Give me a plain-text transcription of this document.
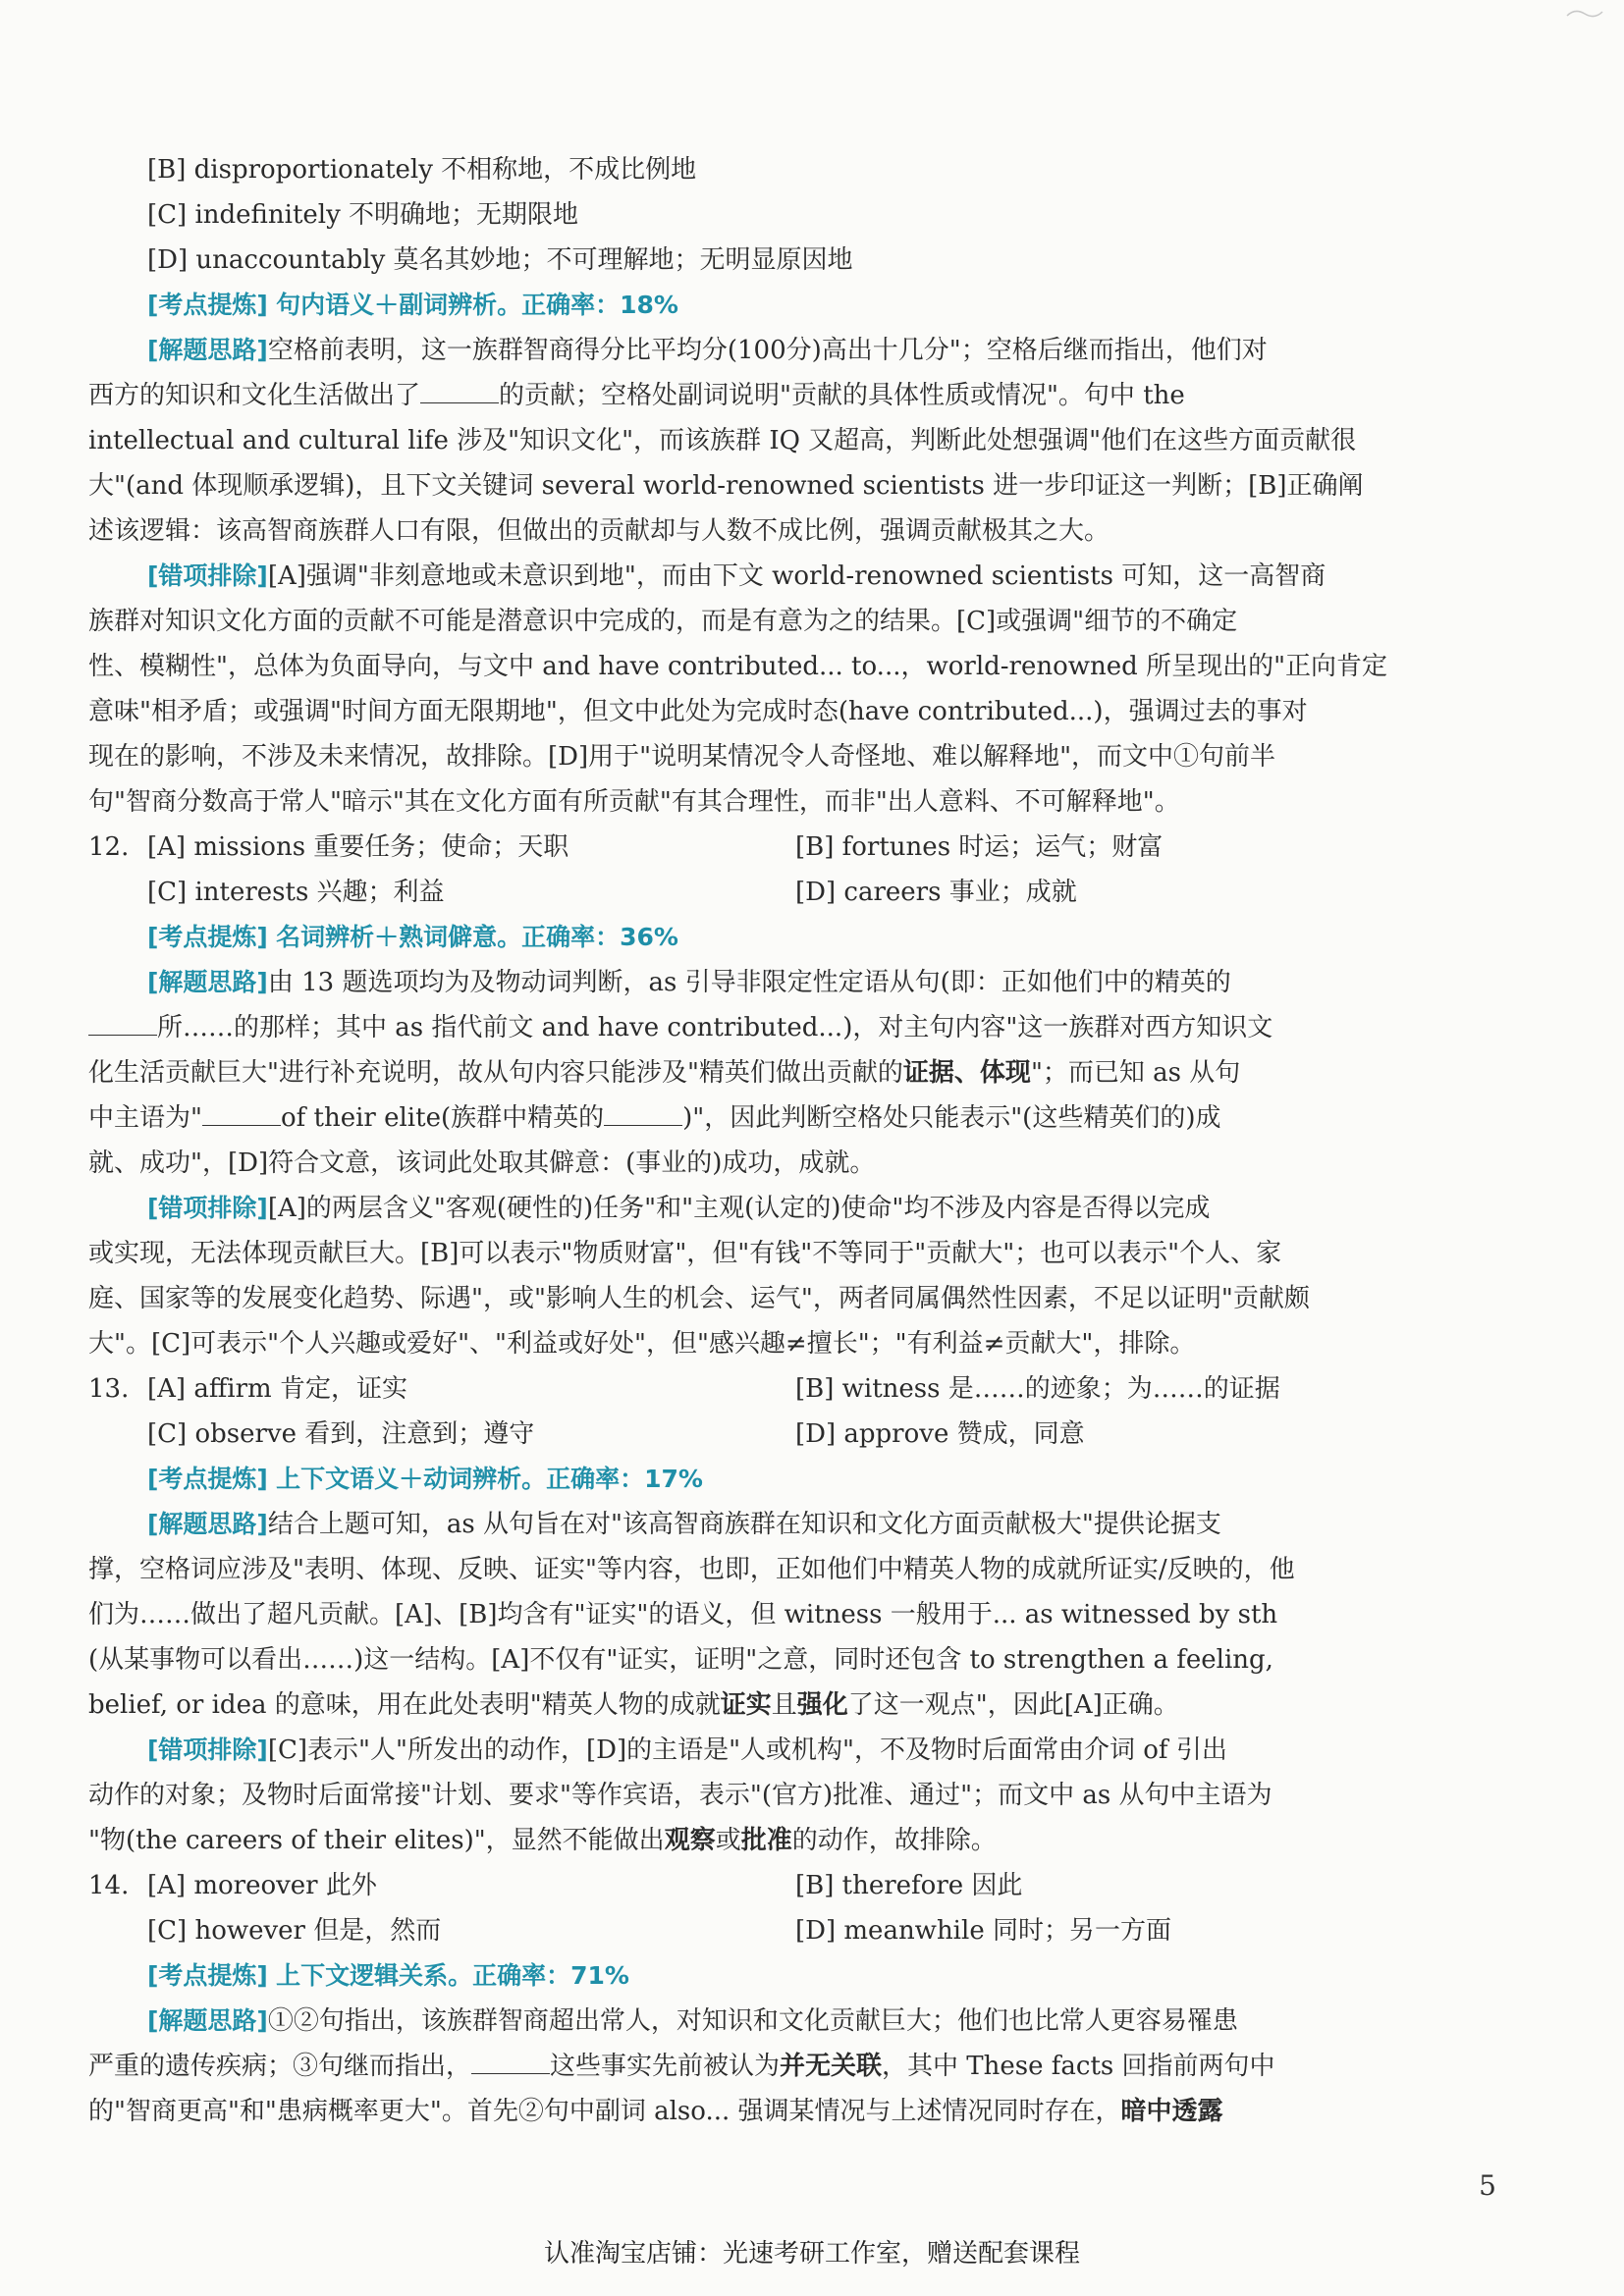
[B] disproportionately 不相称地，不成比例地

[C] indefinitely 不明确地；无期限地

[D] unaccountably 莫名其妙地；不可理解地；无明显原因地

[考点提炼] 句内语义＋副词辨析。正确率：18%

[解题思路]空格前表明，这一族群智商得分比平均分(100分)高出十几分"；空格后继而指出，他们对
西方的知识和文化生活做出了	的贡献；空格处副词说明"贡献的具体性质或情况"。句中 the
intellectual and cultural life 涉及"知识文化"，而该族群 IQ 又超高，判断此处想强调"他们在这些方面贡献很
大"(and 体现顺承逻辑)，且下文关键词 several world-renowned scientists 进一步印证这一判断；[B]正确阐
述该逻辑：该高智商族群人口有限，但做出的贡献却与人数不成比例，强调贡献极其之大。
[错项排除][A]强调"非刻意地或未意识到地"，而由下文 world-renowned scientists 可知，这一高智商
族群对知识文化方面的贡献不可能是潜意识中完成的，而是有意为之的结果。[C]或强调"细节的不确定
性、模糊性"，总体为负面导向，与文中 and have contributed... to...，world-renowned 所呈现出的"正向肯定
意味"相矛盾；或强调"时间方面无限期地"，但文中此处为完成时态(have contributed...)，强调过去的事对
现在的影响，不涉及未来情况，故排除。[D]用于"说明某情况令人奇怪地、难以解释地"，而文中①句前半
句"智商分数高于常人"暗示"其在文化方面有所贡献"有其合理性，而非"出人意料、不可解释地"。
12. [A] missions 重要任务；使命；天职	[B] fortunes 时运；运气；财富
[C] interests 兴趣；利益	[D] careers 事业；成就

[考点提炼] 名词辨析＋熟词僻意。正确率：36%

[解题思路]由 13 题选项均为及物动词判断，as 引导非限定性定语从句(即：正如他们中的精英的
所……的那样；其中 as 指代前文 and have contributed...)，对主句内容"这一族群对西方知识文
化生活贡献巨大"进行补充说明，故从句内容只能涉及"精英们做出贡献的证据、体现"；而已知 as 从句
中主语为"	of their elite(族群中精英的	)"，因此判断空格处只能表示"(这些精英们的)成
就、成功"，[D]符合文意，该词此处取其僻意：(事业的)成功，成就。
[错项排除][A]的两层含义"客观(硬性的)任务"和"主观(认定的)使命"均不涉及内容是否得以完成
或实现，无法体现贡献巨大。[B]可以表示"物质财富"，但"有钱"不等同于"贡献大"；也可以表示"个人、家
庭、国家等的发展变化趋势、际遇"，或"影响人生的机会、运气"，两者同属偶然性因素，不足以证明"贡献颇
大"。[C]可表示"个人兴趣或爱好"、"利益或好处"，但"感兴趣≠擅长"；"有利益≠贡献大"，排除。
13. [A] affirm 肯定，证实	[B] witness 是……的迹象；为……的证据
[C] observe 看到，注意到；遵守	[D] approve 赞成，同意

[考点提炼] 上下文语义＋动词辨析。正确率：17%

[解题思路]结合上题可知，as 从句旨在对"该高智商族群在知识和文化方面贡献极大"提供论据支
撑，空格词应涉及"表明、体现、反映、证实"等内容，也即，正如他们中精英人物的成就所证实/反映的，他
们为……做出了超凡贡献。[A]、[B]均含有"证实"的语义，但 witness 一般用于... as witnessed by sth
(从某事物可以看出……)这一结构。[A]不仅有"证实，证明"之意，同时还包含 to strengthen a feeling,
belief, or idea 的意味，用在此处表明"精英人物的成就证实且强化了这一观点"，因此[A]正确。
[错项排除][C]表示"人"所发出的动作，[D]的主语是"人或机构"，不及物时后面常由介词 of 引出
动作的对象；及物时后面常接"计划、要求"等作宾语，表示"(官方)批准、通过"；而文中 as 从句中主语为
"物(the careers of their elites)"，显然不能做出观察或批准的动作，故排除。
14. [A] moreover 此外	[B] therefore 因此
[C] however 但是，然而	[D] meanwhile 同时；另一方面

[考点提炼] 上下文逻辑关系。正确率：71%

[解题思路]①②句指出，该族群智商超出常人，对知识和文化贡献巨大；他们也比常人更容易罹患
严重的遗传疾病；③句继而指出，	这些事实先前被认为并无关联，其中 These facts 回指前两句中
的"智商更高"和"患病概率更大"。首先②句中副词 also... 强调某情况与上述情况同时存在，暗中透露
5
认准淘宝店铺：光速考研工作室，赠送配套课程
